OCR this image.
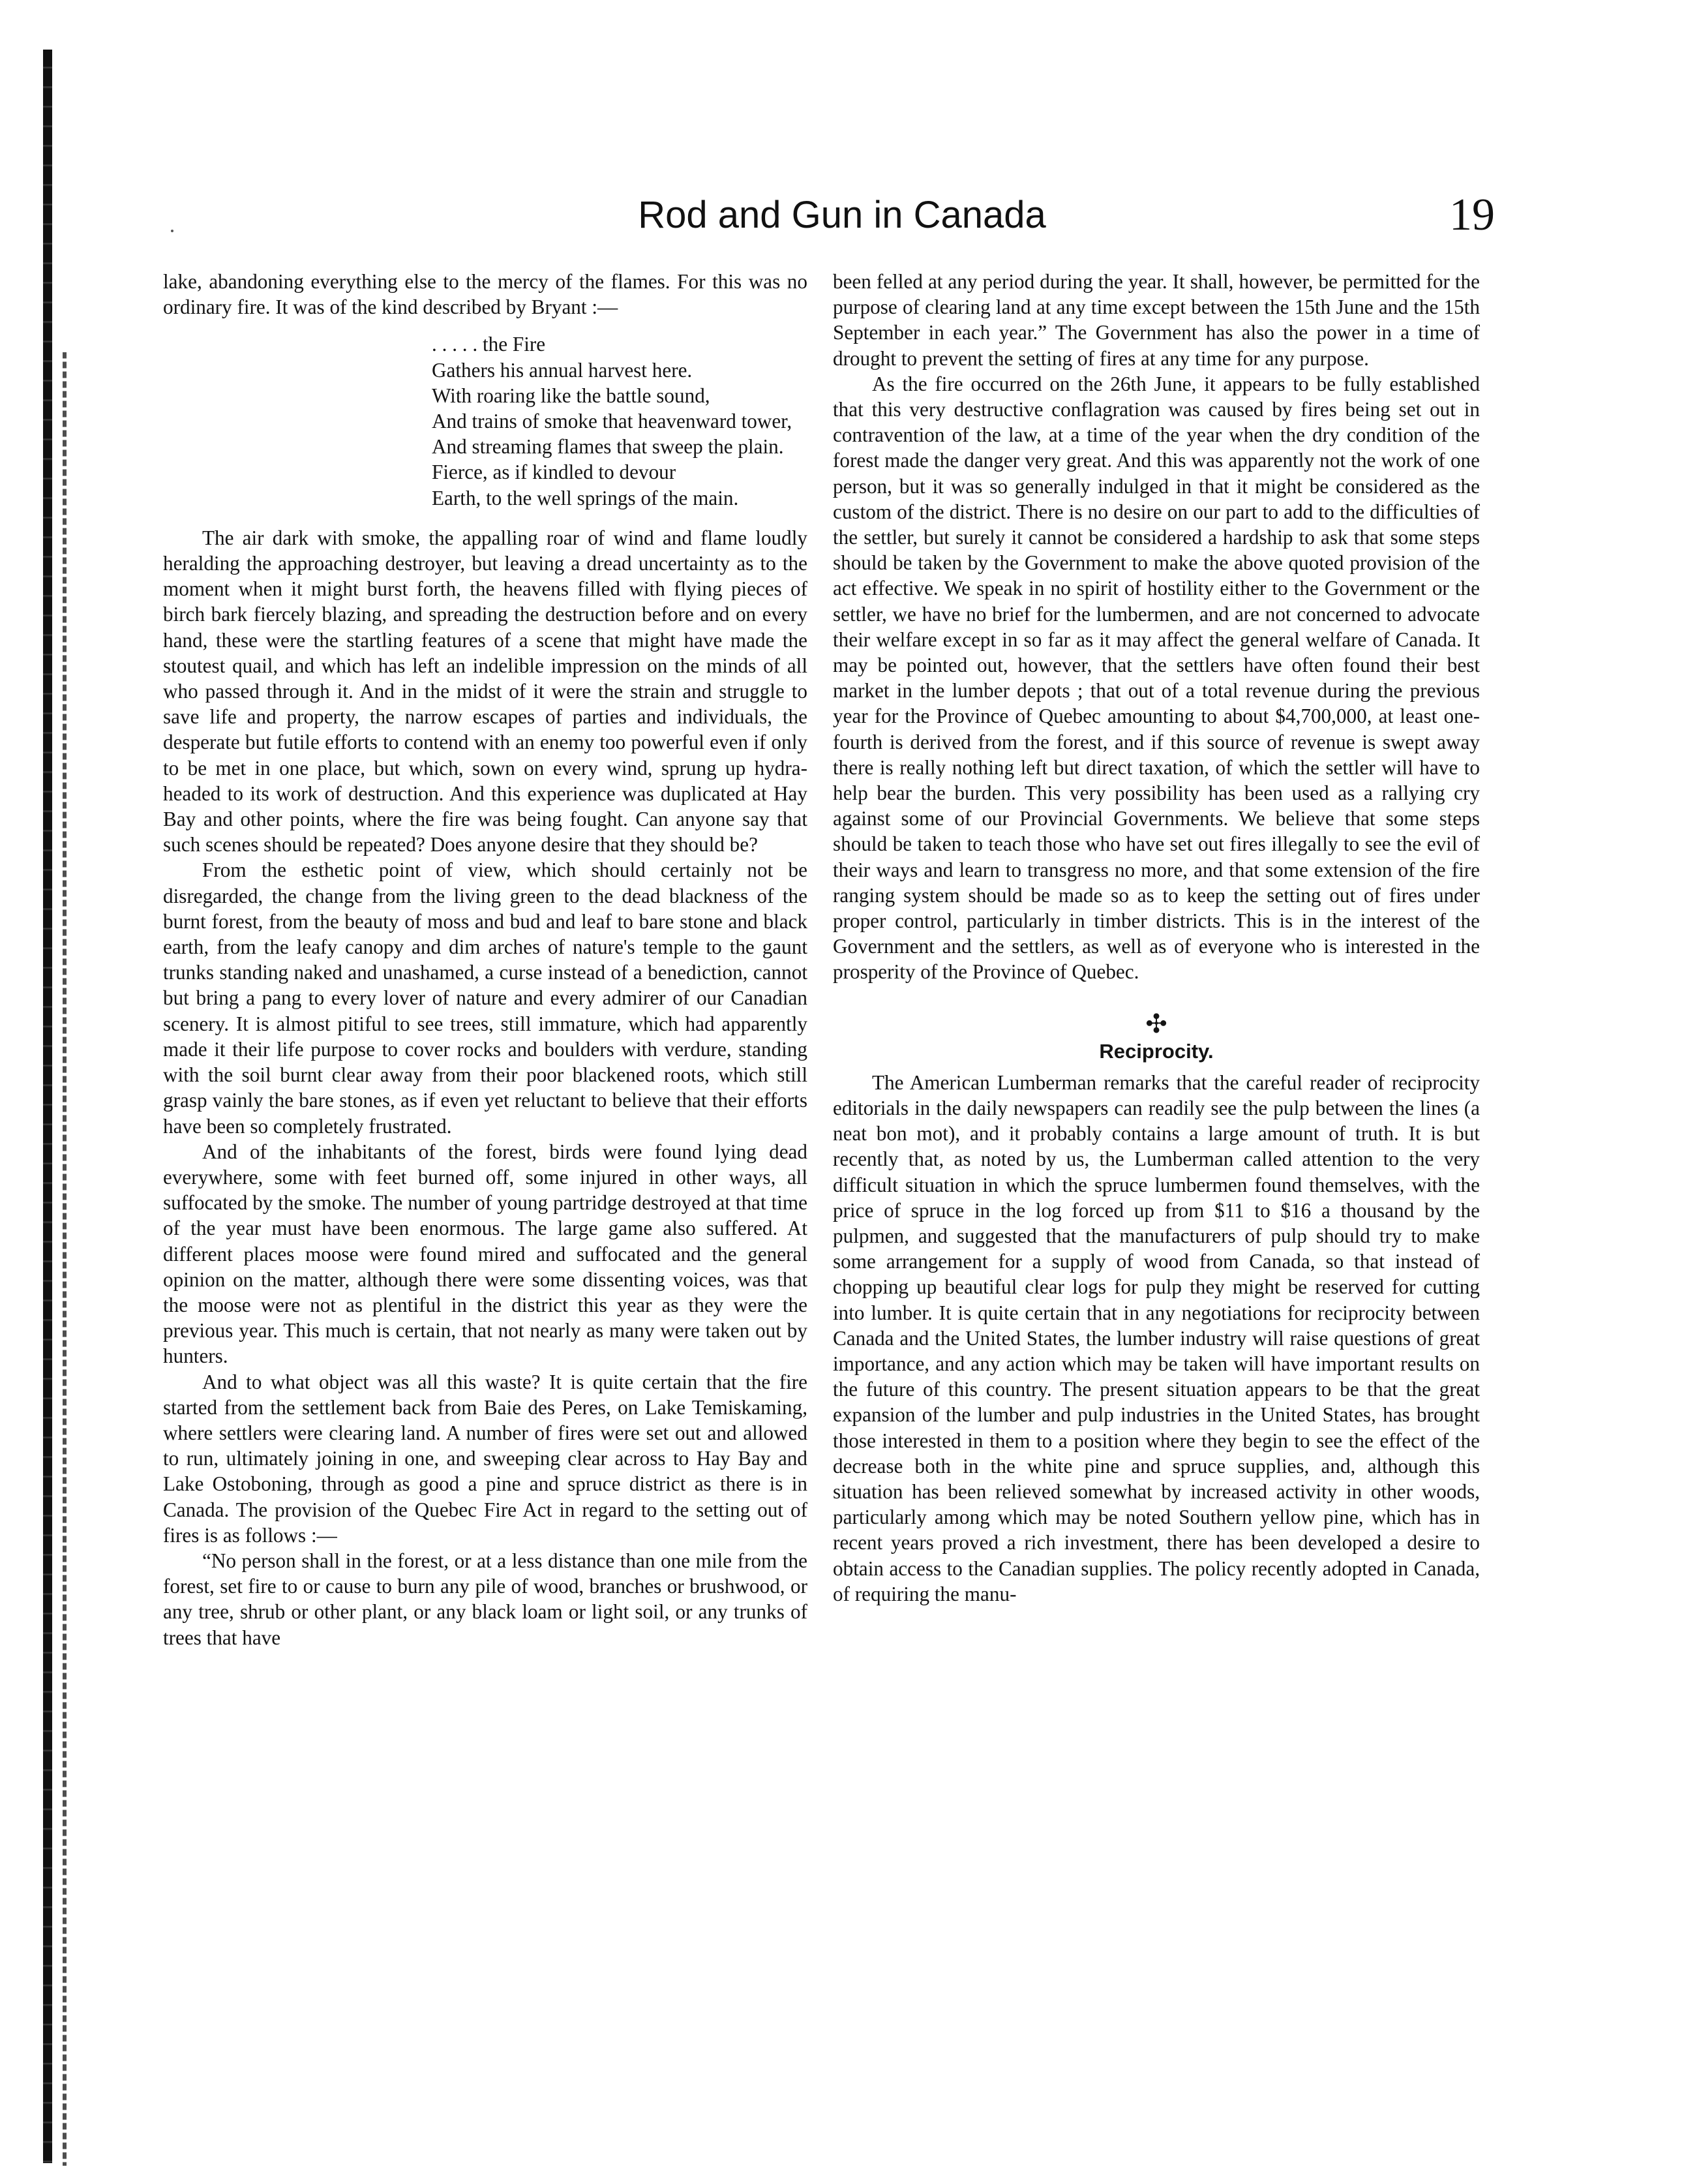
Rod and Gun in Canada	19

lake, abandoning everything else to the mercy of the flames. For this was no ordinary fire. It was of the kind described by Bryant :—

. . . . . the Fire
Gathers his annual harvest here.
With roaring like the battle sound,
And trains of smoke that heavenward tower,
And streaming flames that sweep the plain.
Fierce, as if kindled to devour
Earth, to the well springs of the main.

The air dark with smoke, the appalling roar of wind and flame loudly heralding the approaching destroyer, but leaving a dread uncertainty as to the moment when it might burst forth, the heavens filled with flying pieces of birch bark fiercely blazing, and spreading the destruction before and on every hand, these were the startling features of a scene that might have made the stoutest quail, and which has left an indelible impression on the minds of all who passed through it. And in the midst of it were the strain and struggle to save life and property, the narrow escapes of parties and individuals, the desperate but futile efforts to contend with an enemy too powerful even if only to be met in one place, but which, sown on every wind, sprung up hydra-headed to its work of destruction. And this experience was duplicated at Hay Bay and other points, where the fire was being fought. Can anyone say that such scenes should be repeated? Does anyone desire that they should be?

From the esthetic point of view, which should certainly not be disregarded, the change from the living green to the dead blackness of the burnt forest, from the beauty of moss and bud and leaf to bare stone and black earth, from the leafy canopy and dim arches of nature's temple to the gaunt trunks standing naked and unashamed, a curse instead of a benediction, cannot but bring a pang to every lover of nature and every admirer of our Canadian scenery. It is almost pitiful to see trees, still immature, which had apparently made it their life purpose to cover rocks and boulders with verdure, standing with the soil burnt clear away from their poor blackened roots, which still grasp vainly the bare stones, as if even yet reluctant to believe that their efforts have been so completely frustrated.

And of the inhabitants of the forest, birds were found lying dead everywhere, some with feet burned off, some injured in other ways, all suffocated by the smoke. The number of young partridge destroyed at that time of the year must have been enormous. The large game also suffered. At different places moose were found mired and suffocated and the general opinion on the matter, although there were some dissenting voices, was that the moose were not as plentiful in the district this year as they were the previous year. This much is certain, that not nearly as many were taken out by hunters.

And to what object was all this waste? It is quite certain that the fire started from the settlement back from Baie des Peres, on Lake Temiskaming, where settlers were clearing land. A number of fires were set out and allowed to run, ultimately joining in one, and sweeping clear across to Hay Bay and Lake Ostoboning, through as good a pine and spruce district as there is in Canada. The provision of the Quebec Fire Act in regard to the setting out of fires is as follows :—

“No person shall in the forest, or at a less distance than one mile from the forest, set fire to or cause to burn any pile of wood, branches or brushwood, or any tree, shrub or other plant, or any black loam or light soil, or any trunks of trees that have

been felled at any period during the year. It shall, however, be permitted for the purpose of clearing land at any time except between the 15th June and the 15th September in each year.” The Government has also the power in a time of drought to prevent the setting of fires at any time for any purpose.

As the fire occurred on the 26th June, it appears to be fully established that this very destructive conflagration was caused by fires being set out in contravention of the law, at a time of the year when the dry condition of the forest made the danger very great. And this was apparently not the work of one person, but it was so generally indulged in that it might be considered as the custom of the district. There is no desire on our part to add to the difficulties of the settler, but surely it cannot be considered a hardship to ask that some steps should be taken by the Government to make the above quoted provision of the act effective. We speak in no spirit of hostility either to the Government or the settler, we have no brief for the lumbermen, and are not concerned to advocate their welfare except in so far as it may affect the general welfare of Canada. It may be pointed out, however, that the settlers have often found their best market in the lumber depots ; that out of a total revenue during the previous year for the Province of Quebec amounting to about $4,700,000, at least one-fourth is derived from the forest, and if this source of revenue is swept away there is really nothing left but direct taxation, of which the settler will have to help bear the burden. This very possibility has been used as a rallying cry against some of our Provincial Governments. We believe that some steps should be taken to teach those who have set out fires illegally to see the evil of their ways and learn to transgress no more, and that some extension of the fire ranging system should be made so as to keep the setting out of fires under proper control, particularly in timber districts. This is in the interest of the Government and the settlers, as well as of everyone who is interested in the prosperity of the Province of Quebec.

✣
Reciprocity.

The American Lumberman remarks that the careful reader of reciprocity editorials in the daily newspapers can readily see the pulp between the lines (a neat bon mot), and it probably contains a large amount of truth. It is but recently that, as noted by us, the Lumberman called attention to the very difficult situation in which the spruce lumbermen found themselves, with the price of spruce in the log forced up from $11 to $16 a thousand by the pulpmen, and suggested that the manufacturers of pulp should try to make some arrangement for a supply of wood from Canada, so that instead of chopping up beautiful clear logs for pulp they might be reserved for cutting into lumber. It is quite certain that in any negotiations for reciprocity between Canada and the United States, the lumber industry will raise questions of great importance, and any action which may be taken will have important results on the future of this country. The present situation appears to be that the great expansion of the lumber and pulp industries in the United States, has brought those interested in them to a position where they begin to see the effect of the decrease both in the white pine and spruce supplies, and, although this situation has been relieved somewhat by increased activity in other woods, particularly among which may be noted Southern yellow pine, which has in recent years proved a rich investment, there has been developed a desire to obtain access to the Canadian supplies. The policy recently adopted in Canada, of requiring the manu-
